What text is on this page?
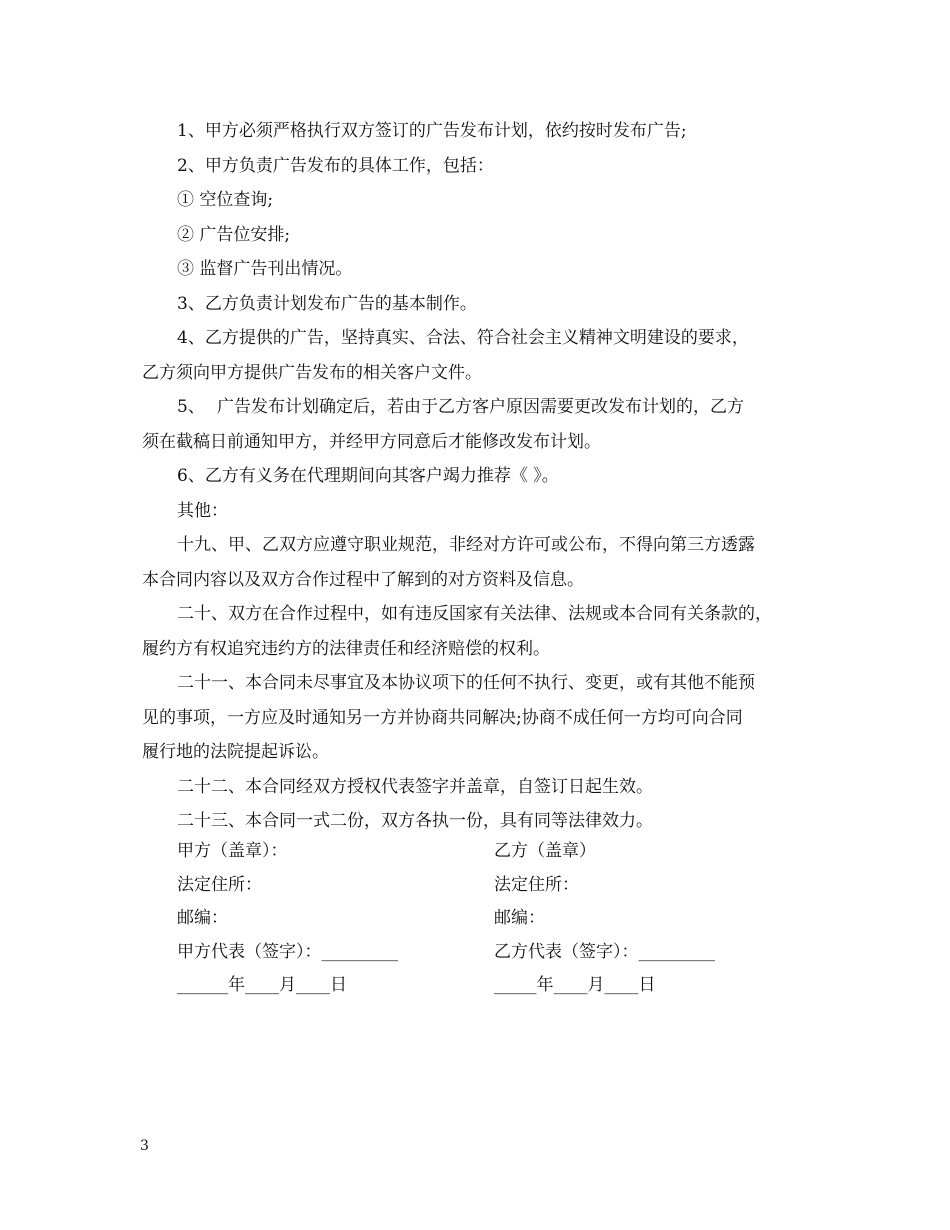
1、甲方必须严格执行双方签订的广告发布计划，依约按时发布广告;
2、甲方负责广告发布的具体工作，包括：
① 空位查询;
② 广告位安排;
③ 监督广告刊出情况。
3、乙方负责计划发布广告的基本制作。
4、乙方提供的广告，坚持真实、合法、符合社会主义精神文明建设的要求，
乙方须向甲方提供广告发布的相关客户文件。
5、 广告发布计划确定后，若由于乙方客户原因需要更改发布计划的，乙方
须在截稿日前通知甲方，并经甲方同意后才能修改发布计划。
6、乙方有义务在代理期间向其客户竭力推荐《 》。
其他：
十九、甲、乙双方应遵守职业规范，非经对方许可或公布，不得向第三方透露
本合同内容以及双方合作过程中了解到的对方资料及信息。
二十、双方在合作过程中，如有违反国家有关法律、法规或本合同有关条款的，
履约方有权追究违约方的法律责任和经济赔偿的权利。
二十一、本合同未尽事宜及本协议项下的任何不执行、变更，或有其他不能预
见的事项，一方应及时通知另一方并协商共同解决;协商不成任何一方均可向合同
履行地的法院提起诉讼。
二十二、本合同经双方授权代表签字并盖章，自签订日起生效。
二十三、本合同一式二份，双方各执一份，具有同等法律效力。
甲方（盖章）：	乙方（盖章）
法定住所：	法定住所：
邮编：	邮编：
甲方代表（签字）：_________	乙方代表（签字）：_________
______年____月____日	_____年____月____日
3
